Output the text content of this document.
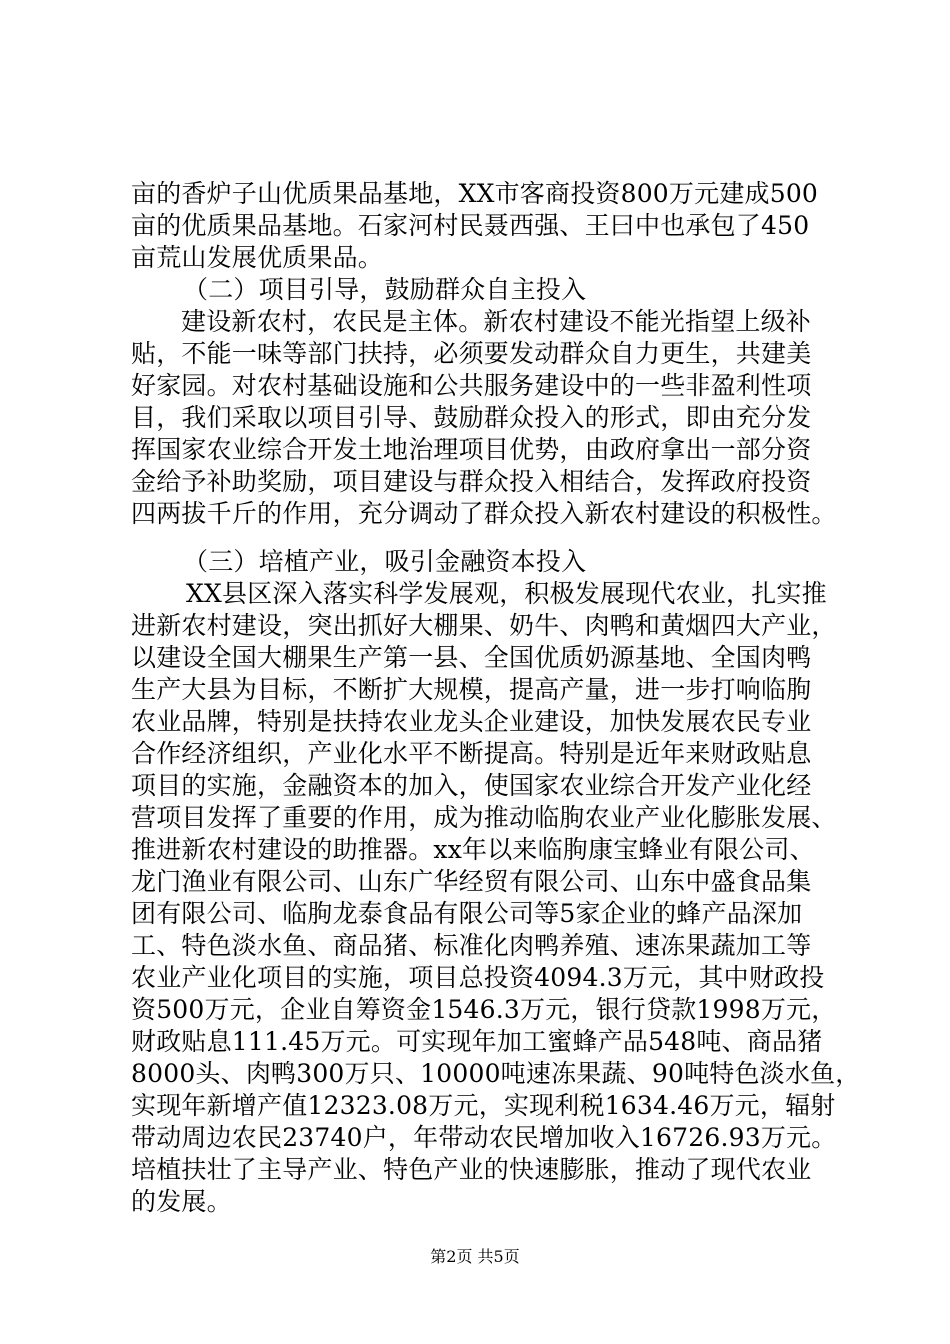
亩的香炉子山优质果品基地，XX市客商投资800万元建成500
亩的优质果品基地。石家河村民聂西强、王曰中也承包了450
亩荒山发展优质果品。
（二）项目引导，鼓励群众自主投入
建设新农村，农民是主体。新农村建设不能光指望上级补
贴，不能一味等部门扶持，必须要发动群众自力更生，共建美
好家园。对农村基础设施和公共服务建设中的一些非盈利性项
目，我们采取以项目引导、鼓励群众投入的形式，即由充分发
挥国家农业综合开发土地治理项目优势，由政府拿出一部分资
金给予补助奖励，项目建设与群众投入相结合，发挥政府投资
四两拔千斤的作用，充分调动了群众投入新农村建设的积极性。
（三）培植产业，吸引金融资本投入
XX县区深入落实科学发展观，积极发展现代农业，扎实推
进新农村建设，突出抓好大棚果、奶牛、肉鸭和黄烟四大产业，
以建设全国大棚果生产第一县、全国优质奶源基地、全国肉鸭
生产大县为目标，不断扩大规模，提高产量，进一步打响临朐
农业品牌，特别是扶持农业龙头企业建设，加快发展农民专业
合作经济组织，产业化水平不断提高。特别是近年来财政贴息
项目的实施，金融资本的加入，使国家农业综合开发产业化经
营项目发挥了重要的作用，成为推动临朐农业产业化膨胀发展、
推进新农村建设的助推器。xx年以来临朐康宝蜂业有限公司、
龙门渔业有限公司、山东广华经贸有限公司、山东中盛食品集
团有限公司、临朐龙泰食品有限公司等5家企业的蜂产品深加
工、特色淡水鱼、商品猪、标准化肉鸭养殖、速冻果蔬加工等
农业产业化项目的实施，项目总投资4094.3万元，其中财政投
资500万元，企业自筹资金1546.3万元，银行贷款1998万元，
财政贴息111.45万元。可实现年加工蜜蜂产品548吨、商品猪
8000头、肉鸭300万只、10000吨速冻果蔬、90吨特色淡水鱼，
实现年新增产值12323.08万元，实现利税1634.46万元，辐射
带动周边农民23740户，年带动农民增加收入16726.93万元。
培植扶壮了主导产业、特色产业的快速膨胀，推动了现代农业
的发展。
第2页 共5页
